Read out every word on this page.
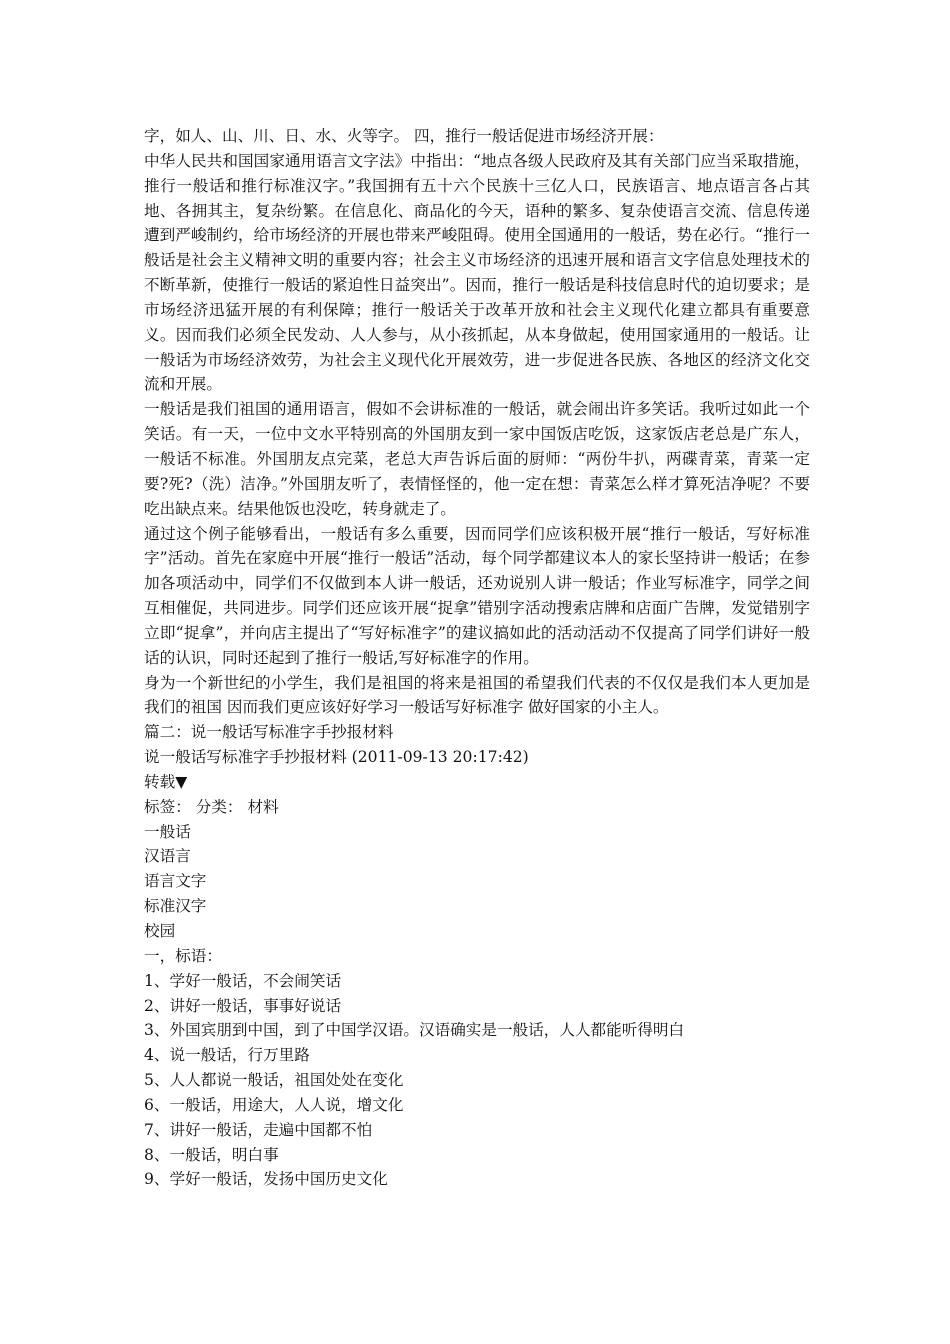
字，如人、山、川、日、水、火等字。 四，推行一般话促进市场经济开展：

中华人民共和国国家通用语言文字法》中指出：“地点各级人民政府及其有关部门应当采取措施，推行一般话和推行标准汉字。”我国拥有五十六个民族十三亿人口，民族语言、地点语言各占其地、各拥其主，复杂纷繁。在信息化、商品化的今天，语种的繁多、复杂使语言交流、信息传递遭到严峻制约，给市场经济的开展也带来严峻阻碍。使用全国通用的一般话，势在必行。“推行一般话是社会主义精神文明的重要内容；社会主义市场经济的迅速开展和语言文字信息处理技术的不断革新，使推行一般话的紧迫性日益突出”。因而，推行一般话是科技信息时代的迫切要求；是市场经济迅猛开展的有利保障；推行一般话关于改革开放和社会主义现代化建立都具有重要意义。因而我们必须全民发动、人人参与，从小孩抓起，从本身做起，使用国家通用的一般话。让一般话为市场经济效劳，为社会主义现代化开展效劳，进一步促进各民族、各地区的经济文化交流和开展。

一般话是我们祖国的通用语言，假如不会讲标准的一般话，就会闹出许多笑话。我听过如此一个笑话。有一天，一位中文水平特别高的外国朋友到一家中国饭店吃饭，这家饭店老总是广东人，一般话不标准。外国朋友点完菜，老总大声告诉后面的厨师：“两份牛扒，两碟青菜，青菜一定要?死?（洗）洁净。”外国朋友听了，表情怪怪的，他一定在想：青菜怎么样才算死洁净呢？不要吃出缺点来。结果他饭也没吃，转身就走了。

通过这个例子能够看出，一般话有多么重要，因而同学们应该积极开展“推行一般话，写好标准字”活动。首先在家庭中开展“推行一般话”活动，每个同学都建议本人的家长坚持讲一般话；在参加各项活动中，同学们不仅做到本人讲一般话，还劝说别人讲一般话；作业写标准字，同学之间互相催促，共同进步。同学们还应该开展“捉拿”错别字活动搜索店牌和店面广告牌，发觉错别字立即“捉拿”，并向店主提出了“写好标准字”的建议搞如此的活动活动不仅提高了同学们讲好一般话的认识，同时还起到了推行一般话,写好标准字的作用。

身为一个新世纪的小学生，我们是祖国的将来是祖国的希望我们代表的不仅仅是我们本人更加是我们的祖国 因而我们更应该好好学习一般话写好标准字 做好国家的小主人。

篇二：说一般话写标准字手抄报材料

说一般话写标准字手抄报材料 (2011-09-13 20:17:42)

转载▼

标签： 分类： 材料

一般话

汉语言

语言文字

标准汉字

校园

一，标语：

1、学好一般话，不会闹笑话

2、讲好一般话，事事好说话

3、外国宾朋到中国，到了中国学汉语。汉语确实是一般话，人人都能听得明白

4、说一般话，行万里路

5、人人都说一般话，祖国处处在变化

6、一般话，用途大，人人说，增文化

7、讲好一般话，走遍中国都不怕

8、一般话，明白事

9、学好一般话，发扬中国历史文化
